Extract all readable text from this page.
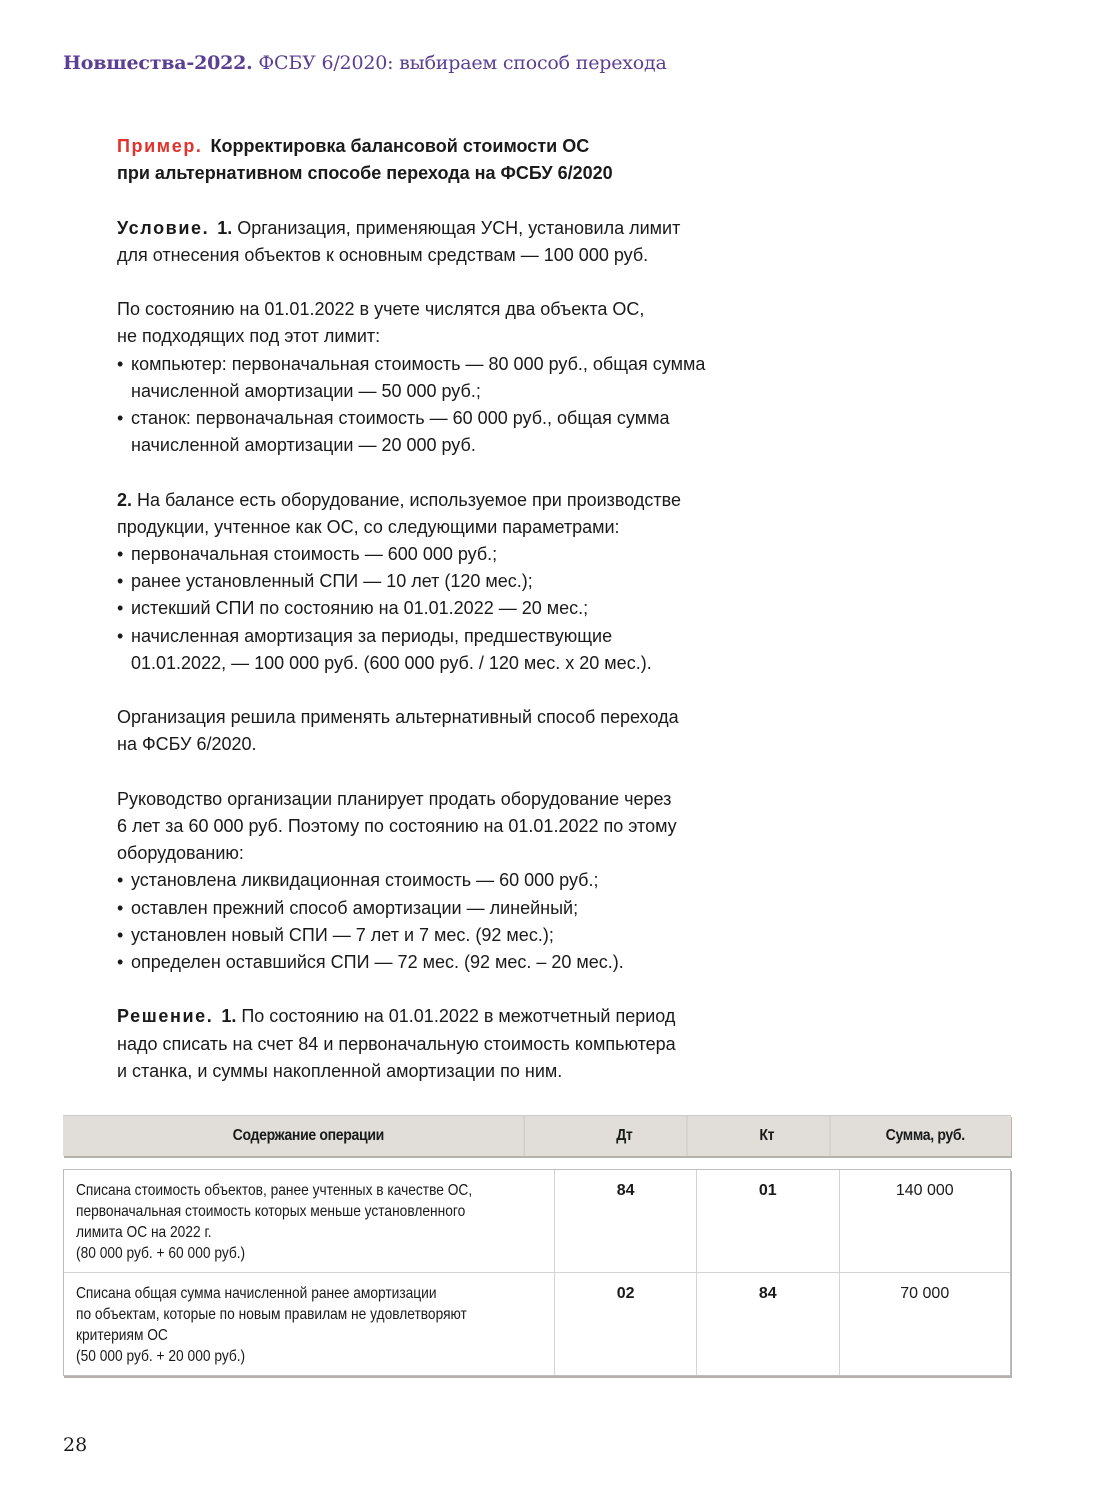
Новшества-2022. ФСБУ 6/2020: выбираем способ перехода
Пример. Корректировка балансовой стоимости ОС
при альтернативном способе перехода на ФСБУ 6/2020
Условие. 1. Организация, применяющая УСН, установила лимит
для отнесения объектов к основным средствам — 100 000 руб.
По состоянию на 01.01.2022 в учете числятся два объекта ОС,
не подходящих под этот лимит:
• компьютер: первоначальная стоимость — 80 000 руб., общая сумма
начисленной амортизации — 50 000 руб.;
• станок: первоначальная стоимость — 60 000 руб., общая сумма
начисленной амортизации — 20 000 руб.
2. На балансе есть оборудование, используемое при производстве
продукции, учтенное как ОС, со следующими параметрами:
• первоначальная стоимость — 600 000 руб.;
• ранее установленный СПИ — 10 лет (120 мес.);
• истекший СПИ по состоянию на 01.01.2022 — 20 мес.;
• начисленная амортизация за периоды, предшествующие
01.01.2022, — 100 000 руб. (600 000 руб. / 120 мес. x 20 мес.).
Организация решила применять альтернативный способ перехода
на ФСБУ 6/2020.
Руководство организации планирует продать оборудование через
6 лет за 60 000 руб. Поэтому по состоянию на 01.01.2022 по этому
оборудованию:
• установлена ликвидационная стоимость — 60 000 руб.;
• оставлен прежний способ амортизации — линейный;
• установлен новый СПИ — 7 лет и 7 мес. (92 мес.);
• определен оставшийся СПИ — 72 мес. (92 мес. – 20 мес.).
Решение. 1. По состоянию на 01.01.2022 в межотчетный период
надо списать на счет 84 и первоначальную стоимость компьютера
и станка, и суммы накопленной амортизации по ним.
Содержание операции	Дт	Кт	Сумма, руб.
Списана стоимость объектов, ранее учтенных в качестве ОС,
первоначальная стоимость которых меньше установленного
лимита ОС на 2022 г.
(80 000 руб. + 60 000 руб.)
84	01	140 000
Списана общая сумма начисленной ранее амортизации
по объектам, которые по новым правилам не удовлетворяют
критериям ОС
(50 000 руб. + 20 000 руб.)
02	84	70 000
28
